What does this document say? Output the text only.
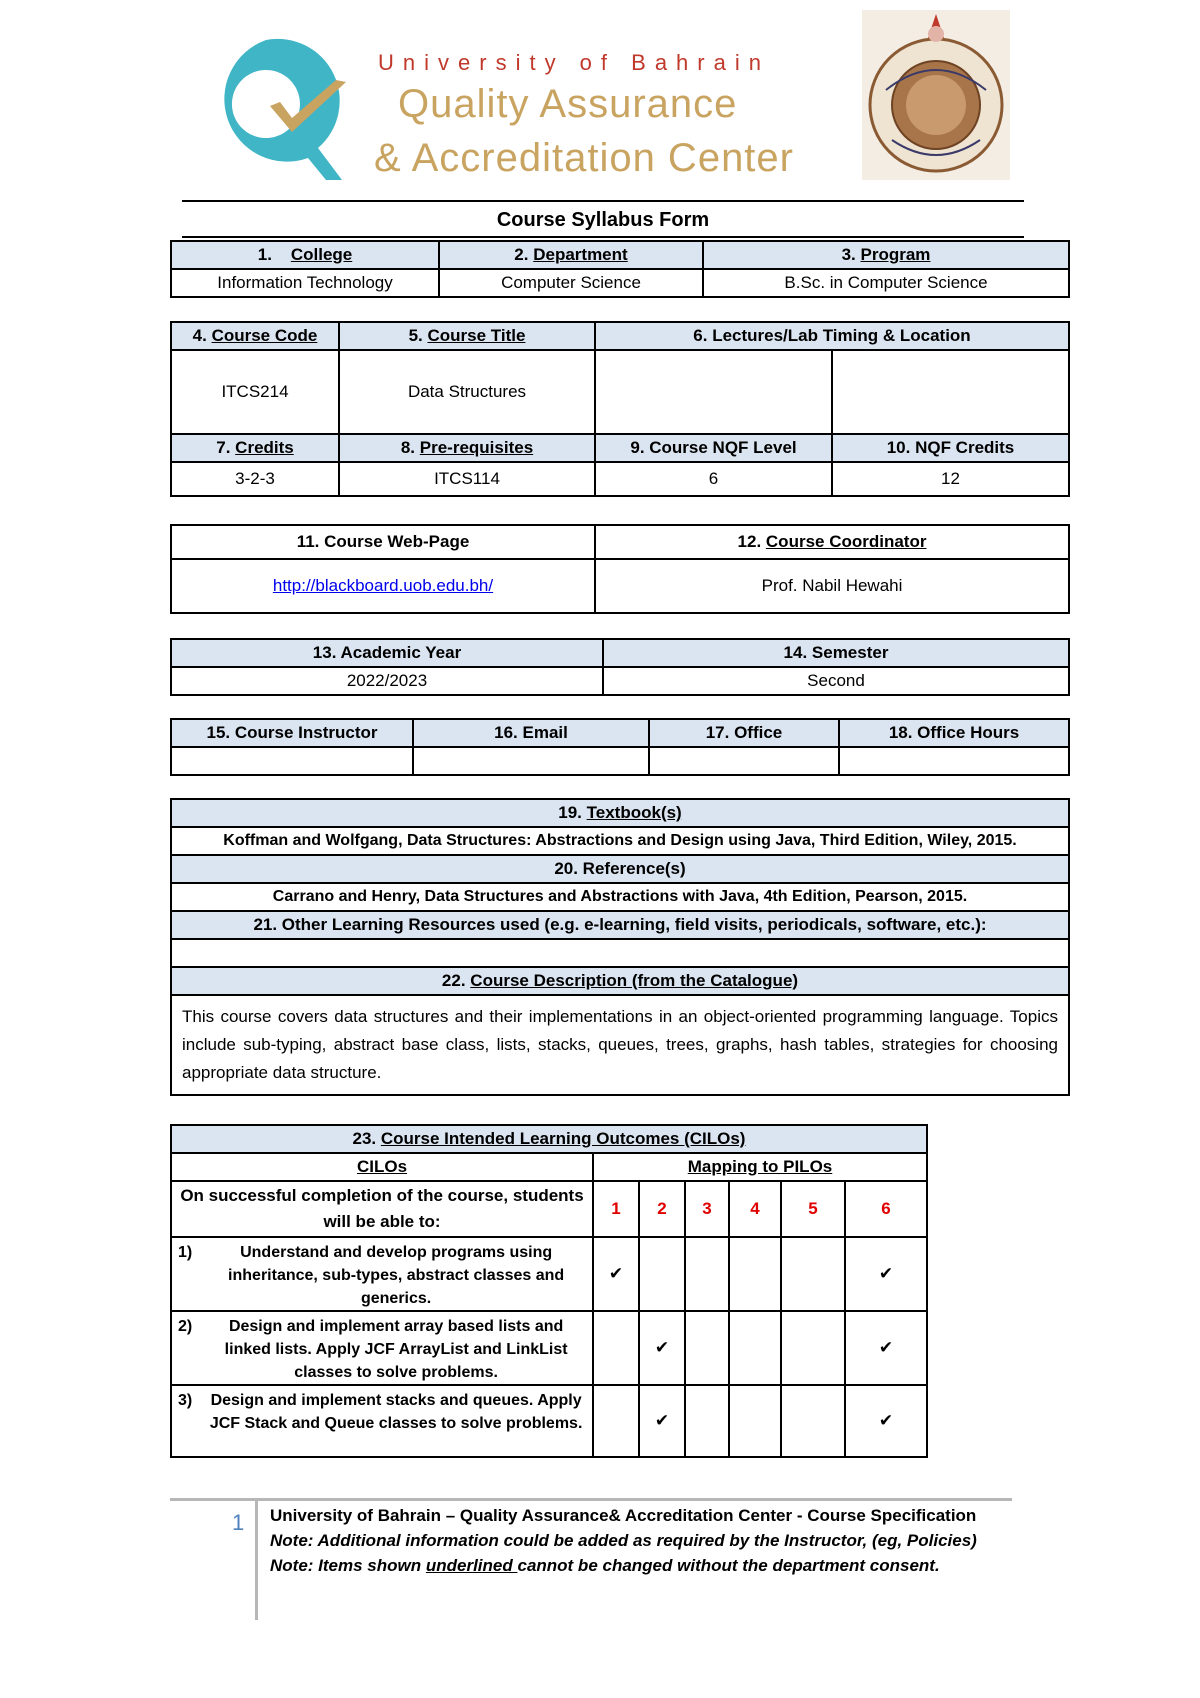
University of Bahrain
Quality Assurance
& Accreditation Center
Course Syllabus Form
1. College	2. Department	3. Program
Information Technology	Computer Science	B.Sc. in Computer Science
4. Course Code	5. Course Title	6. Lectures/Lab Timing & Location	
ITCS214	Data Structures		
7. Credits	8. Pre-requisites	9. Course NQF Level	10. NQF Credits
3-2-3	ITCS114	6	12
11. Course Web-Page	12. Course Coordinator
http://blackboard.uob.edu.bh/	Prof. Nabil Hewahi
13. Academic Year	14. Semester
2022/2023	Second
15. Course Instructor	16. Email	17. Office	18. Office Hours

19. Textbook(s)
Koffman and Wolfgang, Data Structures: Abstractions and Design using Java, Third Edition, Wiley, 2015.
20. Reference(s)
Carrano and Henry, Data Structures and Abstractions with Java, 4th Edition, Pearson, 2015.
21. Other Learning Resources used (e.g. e-learning, field visits, periodicals, software, etc.):

22. Course Description (from the Catalogue)
This course covers data structures and their implementations in an object-oriented programming language. Topics include sub-typing, abstract base class, lists, stacks, queues, trees, graphs, hash tables, strategies for choosing appropriate data structure.
23. Course Intended Learning Outcomes (CILOs)						
CILOs	Mapping to PILOs					
On successful completion of the course, students will be able to:	1	2	3	4	5	6

1) Understand and develop programs using inheritance, sub-types, abstract classes and generics.	✔					✔

2) Design and implement array based lists and linked lists. Apply JCF ArrayList and LinkList classes to solve problems.		✔				✔

3) Design and implement stacks and queues. Apply JCF Stack and Queue classes to solve problems.		✔				✔
1 University of Bahrain – Quality Assurance& Accreditation Center - Course Specification
Note: Additional information could be added as required by the Instructor, (eg, Policies)
Note: Items shown underlined cannot be changed without the department consent.
